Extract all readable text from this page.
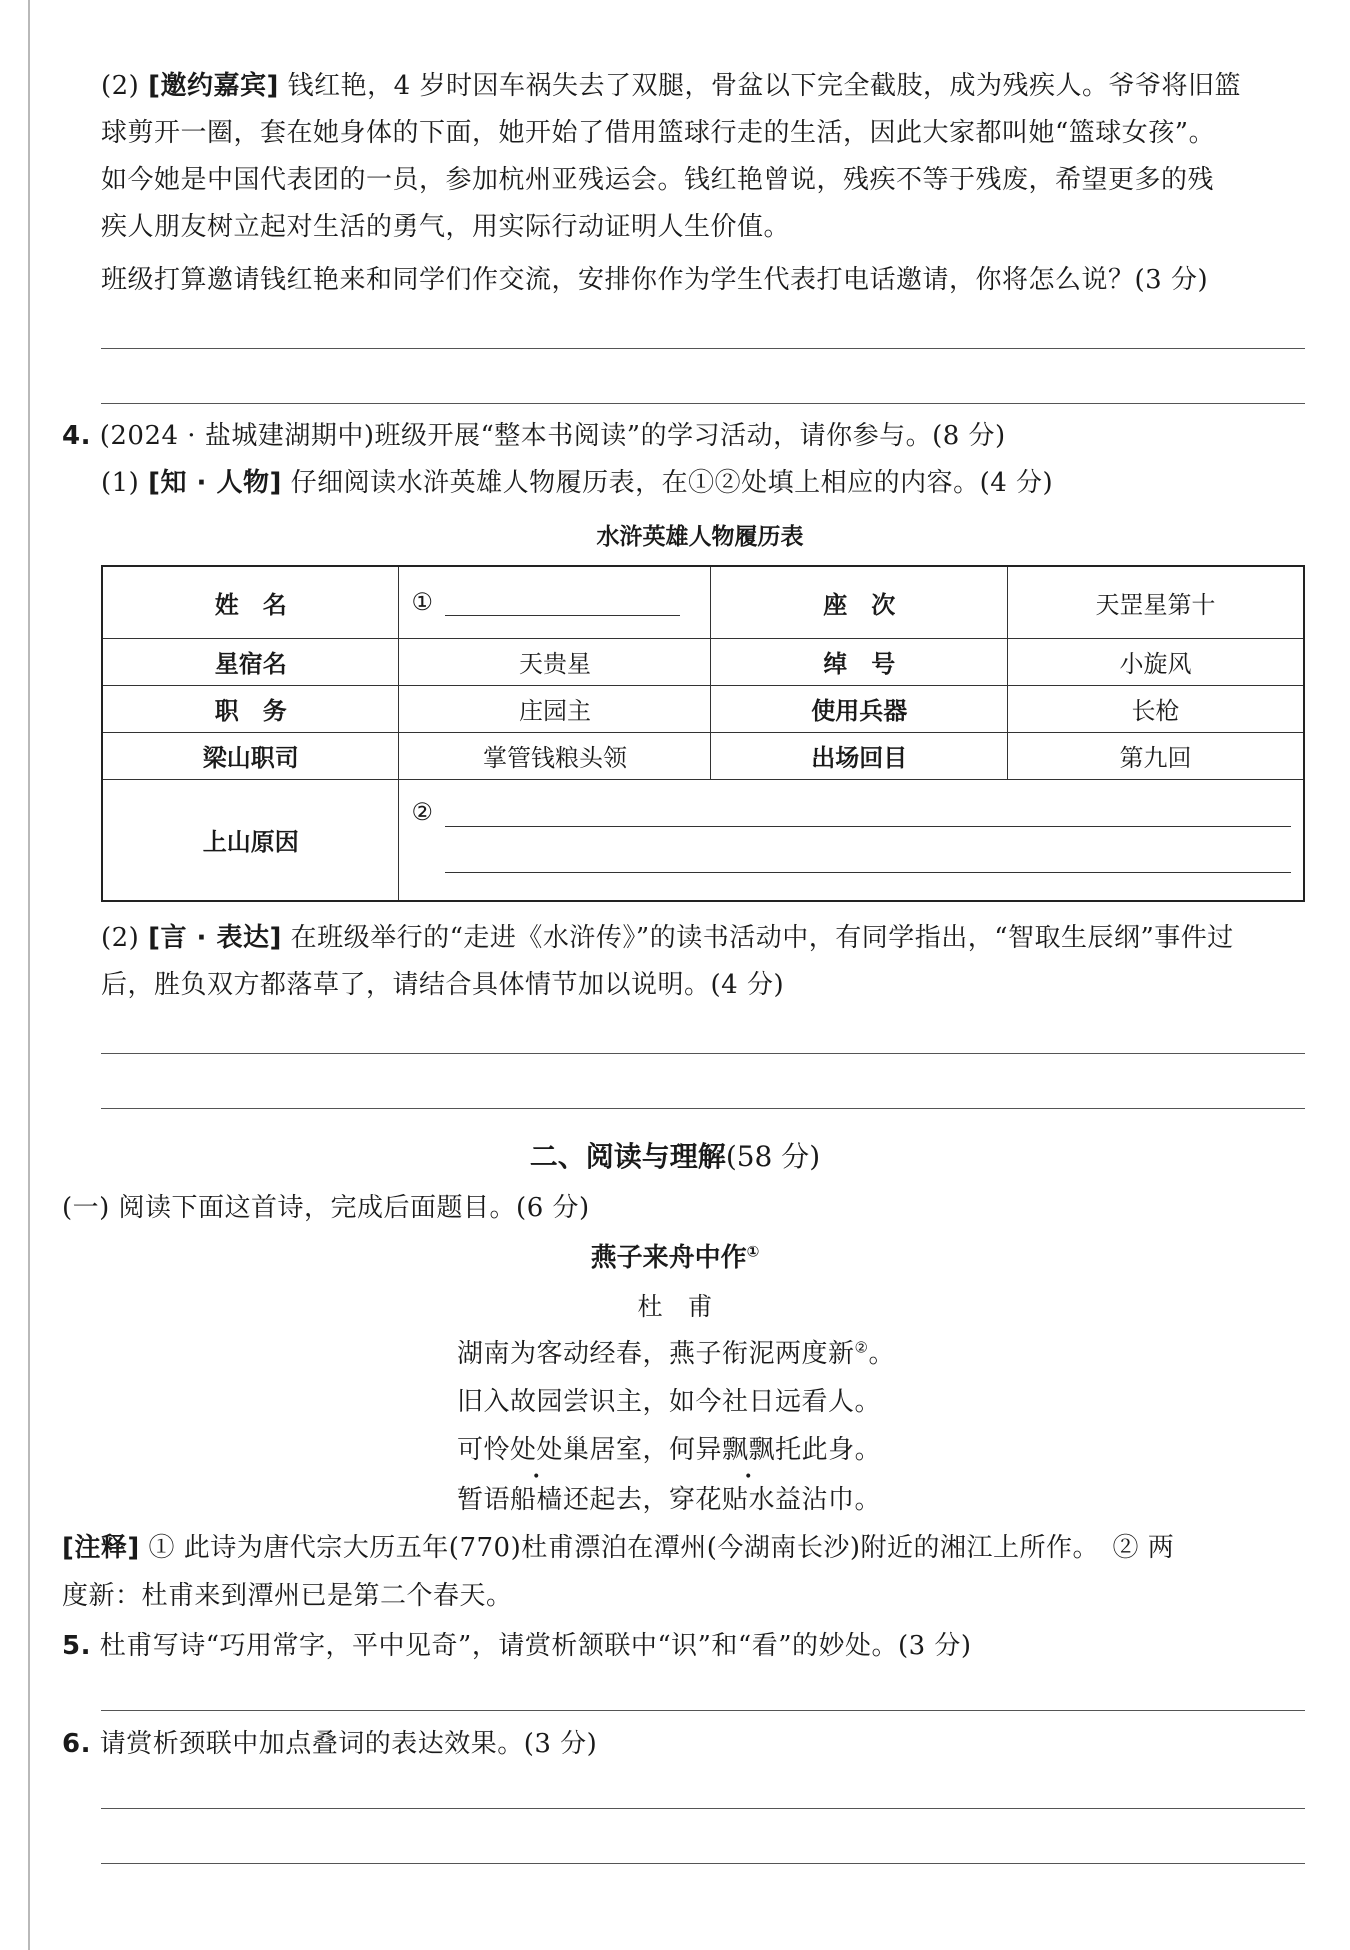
(2) [邀约嘉宾] 钱红艳，4 岁时因车祸失去了双腿，骨盆以下完全截肢，成为残疾人。爷爷将旧篮
球剪开一圈，套在她身体的下面，她开始了借用篮球行走的生活，因此大家都叫她“篮球女孩”。
如今她是中国代表团的一员，参加杭州亚残运会。钱红艳曾说，残疾不等于残废，希望更多的残
疾人朋友树立起对生活的勇气，用实际行动证明人生价值。
班级打算邀请钱红艳来和同学们作交流，安排你作为学生代表打电话邀请，你将怎么说？(3 分)
4. (2024 · 盐城建湖期中)班级开展“整本书阅读”的学习活动，请你参与。(8 分)
(1) [知 · 人物] 仔细阅读水浒英雄人物履历表，在①②处填上相应的内容。(4 分)
水浒英雄人物履历表
姓　名	①	座　次	天罡星第十
星宿名	天贵星	绰　号	小旋风
职　务	庄园主	使用兵器	长枪
梁山职司	掌管钱粮头领	出场回目	第九回
上山原因	②		
(2) [言 · 表达] 在班级举行的“走进《水浒传》”的读书活动中，有同学指出，“智取生辰纲”事件过
后，胜负双方都落草了，请结合具体情节加以说明。(4 分)
二、阅读与理解(58 分)
(一) 阅读下面这首诗，完成后面题目。(6 分)
燕子来舟中作①
杜　甫
湖南为客动经春，燕子衔泥两度新②。
旧入故园尝识主，如今社日远看人。
可怜处处巢居室，何异飘飘托此身。
暂语船樯还起去，穿花贴水益沾巾。
[注释] ① 此诗为唐代宗大历五年(770)杜甫漂泊在潭州(今湖南长沙)附近的湘江上所作。　② 两
度新：杜甫来到潭州已是第二个春天。
5. 杜甫写诗“巧用常字，平中见奇”，请赏析颔联中“识”和“看”的妙处。(3 分)
6. 请赏析颈联中加点叠词的表达效果。(3 分)
